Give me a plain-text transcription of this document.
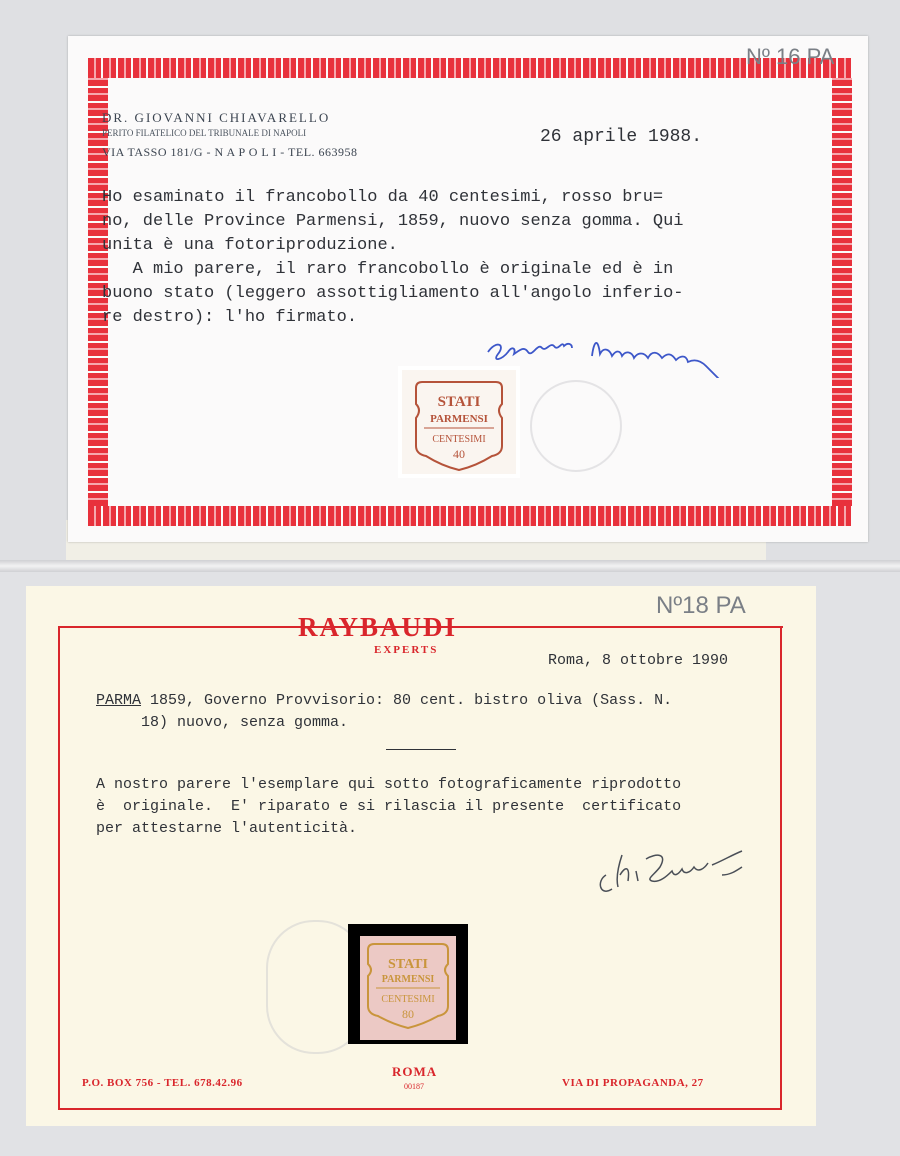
Nº 16 PA
DR. GIOVANNI CHIAVARELLO
PERITO FILATELICO DEL TRIBUNALE DI NAPOLI
VIA TASSO 181/G - N A P O L I - TEL. 663958
26 aprile 1988.
Ho esaminato il francobollo da 40 centesimi, rosso bru=
no, delle Province Parmensi, 1859, nuovo senza gomma. Qui
unita è una fotoriproduzione.
A mio parere, il raro francobollo è originale ed è in
buono stato (leggero assottigliamento all'angolo inferio-
re destro): l'ho firmato.
STATI
PARMENSI
CENTESIMI
40
Nº18 PA
RAYBAUDI
EXPERTS
Roma, 8 ottobre 1990
PARMA 1859, Governo Provvisorio: 80 cent. bistro oliva (Sass. N.
18) nuovo, senza gomma.
A nostro parere l'esemplare qui sotto fotograficamente riprodotto
è  originale.  E' riparato e si rilascia il presente  certificato
per attestarne l'autenticità.
STATI
PARMENSI
CENTESIMI
80
P.O. BOX 756 - TEL. 678.42.96
ROMA
00187	VIA DI PROPAGANDA, 27
